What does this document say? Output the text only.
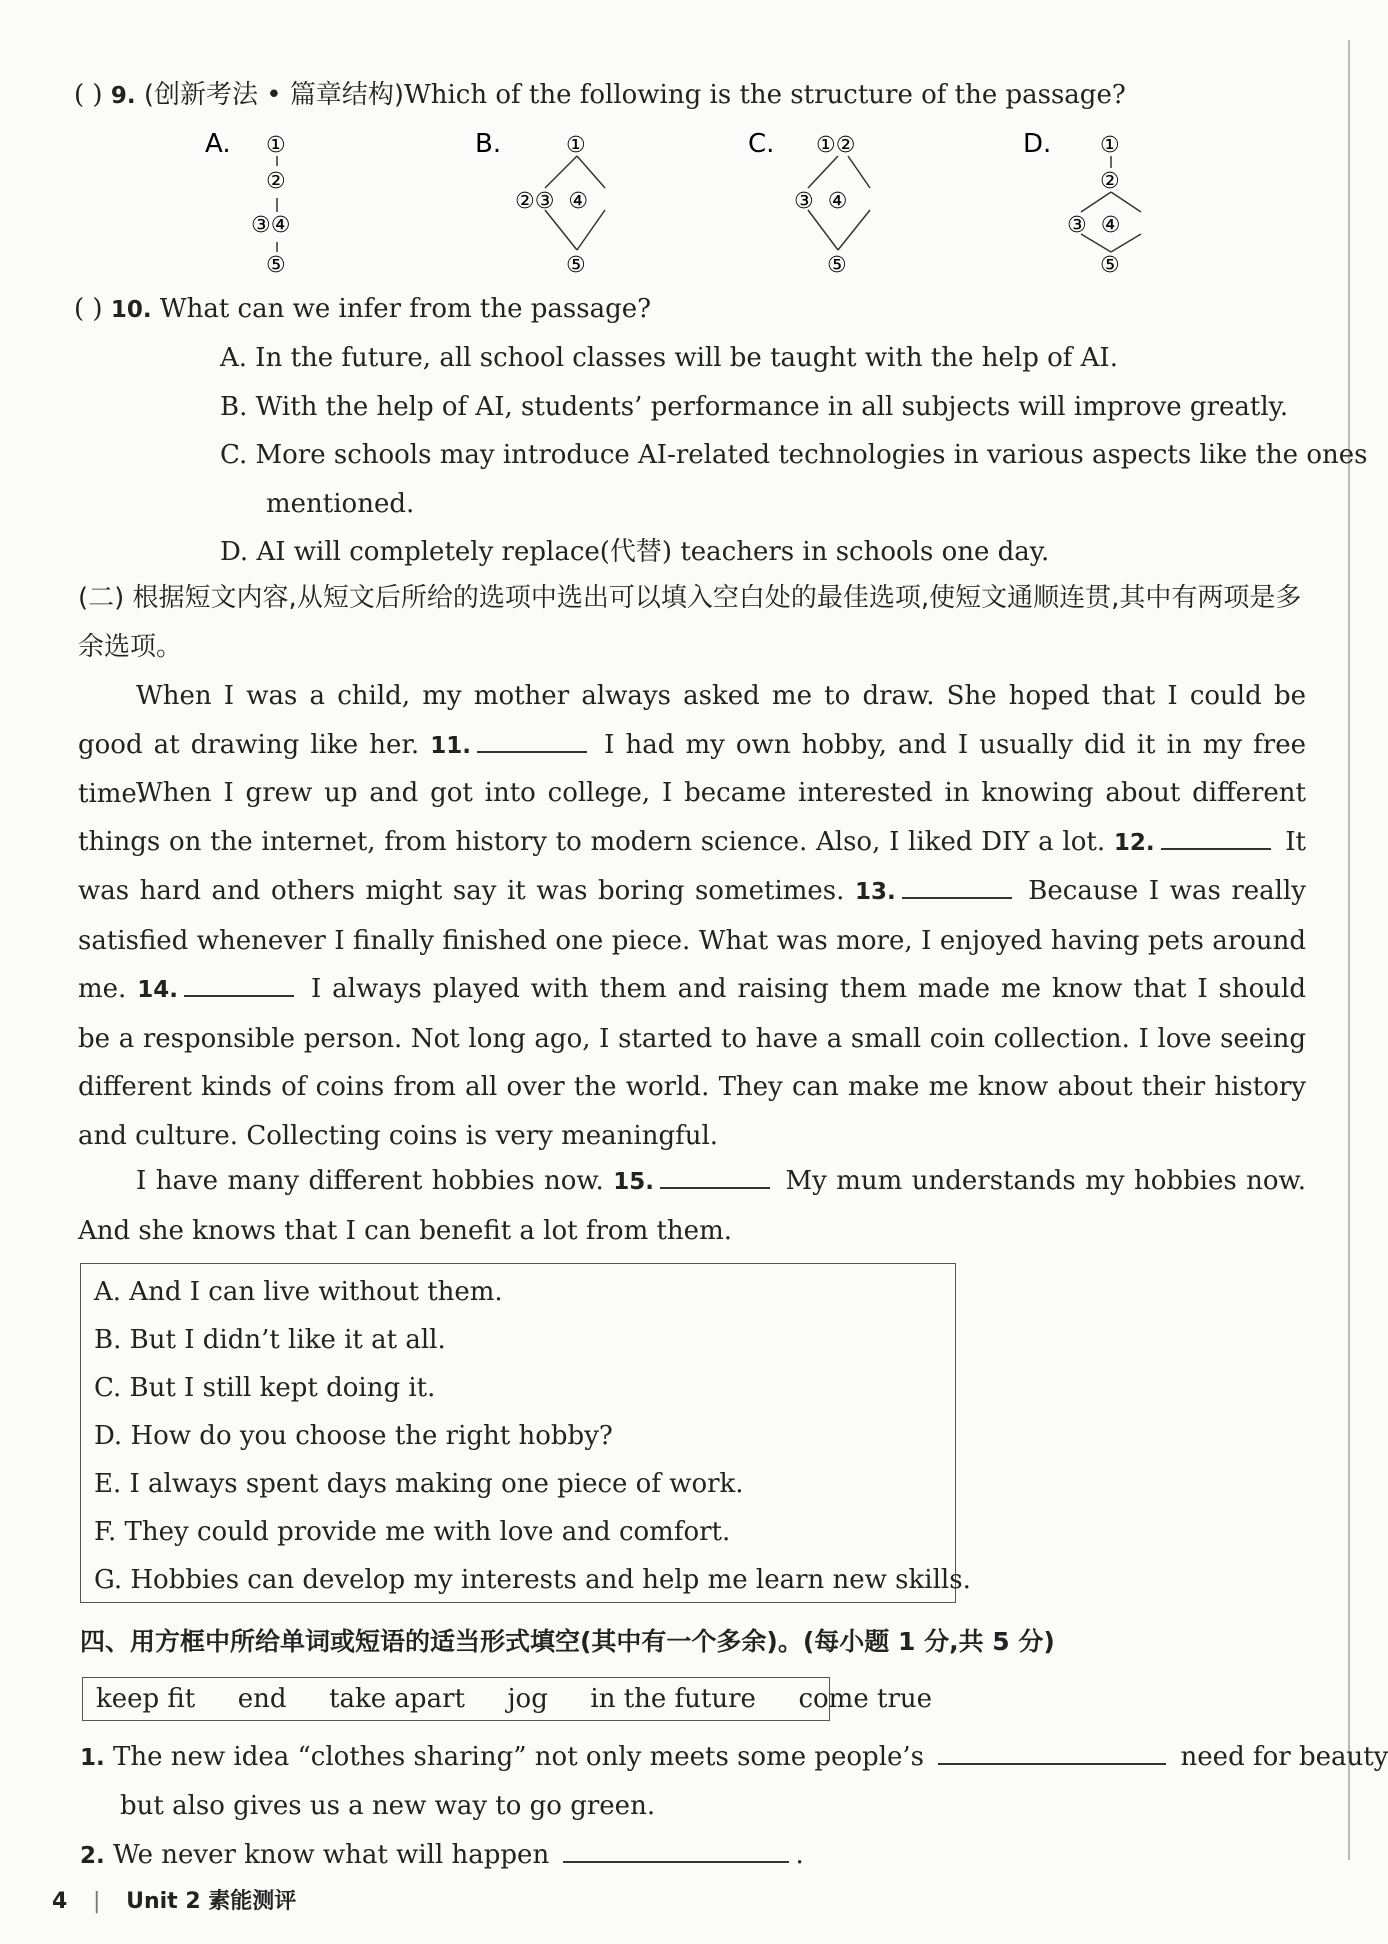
( ) 9. (创新考法 • 篇章结构)Which of the following is the structure of the passage?
A. ①
②
③④
⑤
B.	①
②③  ④
⑤
C. ①②
③  ④
⑤
D. ①
②
③  ④
⑤
( ) 10. What can we infer from the passage?
A. In the future, all school classes will be taught with the help of AI.
B. With the help of AI, students’ performance in all subjects will improve greatly.
C. More schools may introduce AI-related technologies in various aspects like the ones
mentioned.
D. AI will completely replace(代替) teachers in schools one day.
(二) 根据短文内容,从短文后所给的选项中选出可以填入空白处的最佳选项,使短文通顺连贯,其中有两项是多余选项。
When I was a child, my mother always asked me to draw. She hoped that I could be good at drawing like her. 11.	I had my own hobby, and I usually did it in my free time.
When I grew up and got into college, I became interested in knowing about different things on the internet, from history to modern science. Also, I liked DIY a lot. 12.	It was hard and others might say it was boring sometimes. 13.	Because I was really satisfied whenever I finally finished one piece. What was more, I enjoyed having pets around me. 14.	I always played with them and raising them made me know that I should be a responsible person. Not long ago, I started to have a small coin collection. I love seeing different kinds of coins from all over the world. They can make me know about their history and culture. Collecting coins is very meaningful.
I have many different hobbies now. 15.	My mum understands my hobbies now. And she knows that I can benefit a lot from them.
A. And I can live without them.
B. But I didn’t like it at all.
C. But I still kept doing it.
D. How do you choose the right hobby?
E. I always spent days making one piece of work.
F. They could provide me with love and comfort.
G. Hobbies can develop my interests and help me learn new skills.
四、用方框中所给单词或短语的适当形式填空(其中有一个多余)。(每小题 1 分,共 5 分)
keep fit end take apart jog in the future come true
1. The new idea “clothes sharing” not only meets some people’s	need for beauty
but also gives us a new way to go green.
2. We never know what will happen	.
4 | Unit 2 素能测评
